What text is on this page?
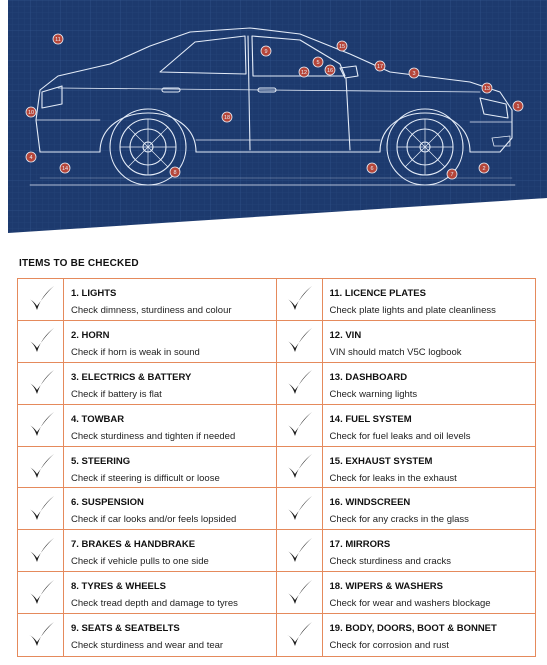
1
2
3
4
5
6
7
8
9
10
11
12
13
14
15
16
17
18
ITEMS TO BE CHECKED
1. LIGHTS
Check dimness, sturdiness and colour
11. LICENCE PLATES
Check plate lights and plate cleanliness
2. HORN
Check if horn is weak in sound
12. VIN
VIN should match V5C logbook
3. ELECTRICS & BATTERY
Check if battery is flat
13. DASHBOARD
Check warning lights
4. TOWBAR
Check sturdiness and tighten if needed
14. FUEL SYSTEM
Check for fuel leaks and oil levels
5. STEERING
Check if steering is difficult or loose
15. EXHAUST SYSTEM
Check for leaks in the exhaust
6. SUSPENSION
Check if car looks and/or feels lopsided
16. WINDSCREEN
Check for any cracks in the glass
7. BRAKES & HANDBRAKE
Check if vehicle pulls to one side
17. MIRRORS
Check sturdiness and cracks
8. TYRES & WHEELS
Check tread depth and damage to tyres
18. WIPERS & WASHERS
Check for wear and washers blockage
9. SEATS & SEATBELTS
Check sturdiness and wear and tear
19. BODY, DOORS, BOOT & BONNET
Check for corrosion and rust
